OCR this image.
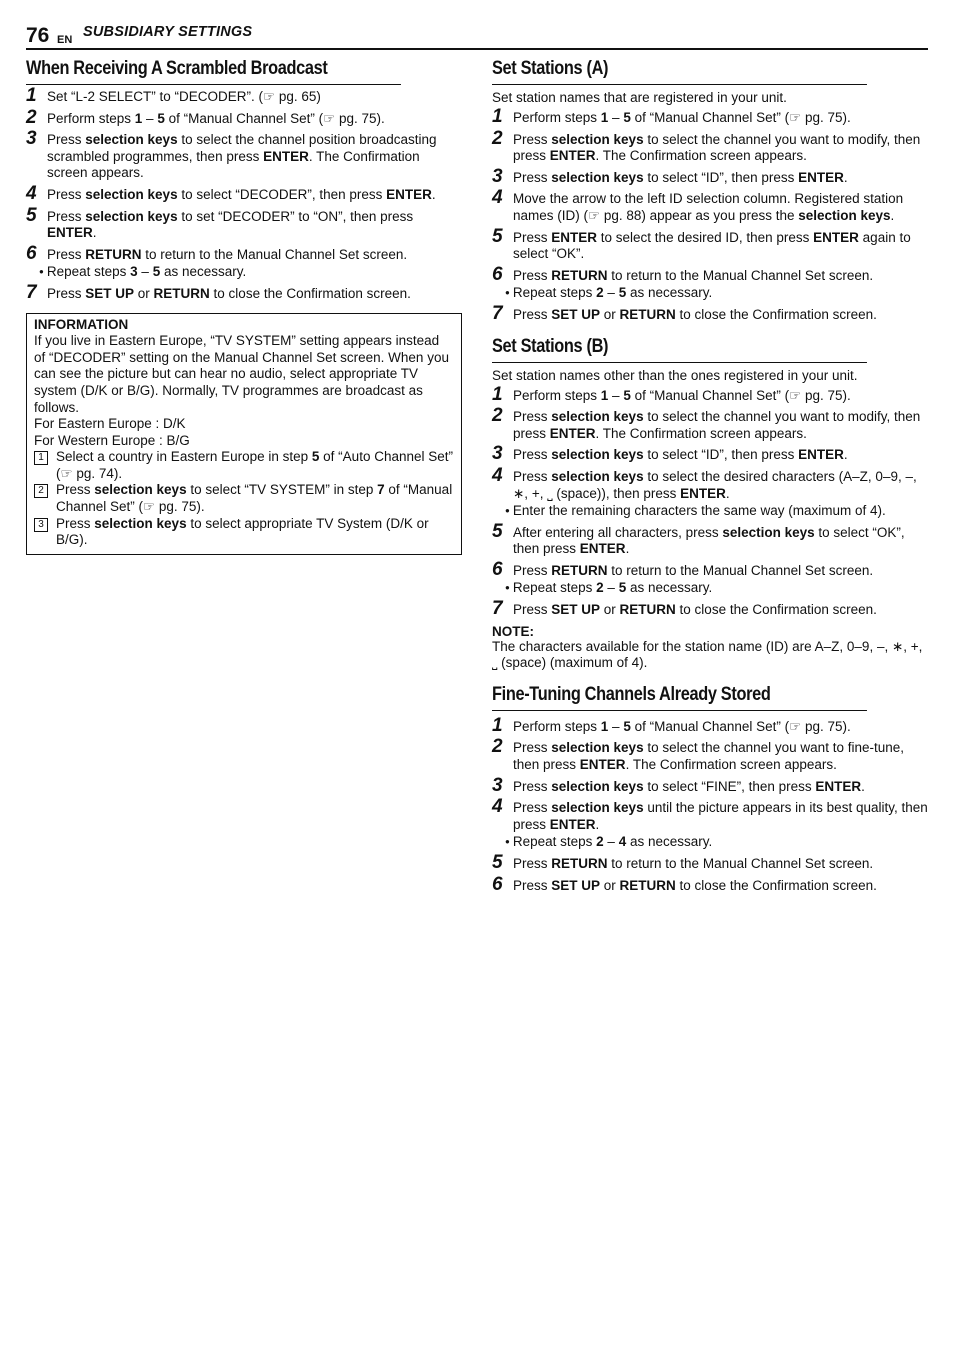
76 EN SUBSIDIARY SETTINGS
When Receiving A Scrambled Broadcast
1 Set “L-2 SELECT” to “DECODER”. (☞ pg. 65)
2 Perform steps 1 – 5 of “Manual Channel Set” (☞ pg. 75).
3 Press selection keys to select the channel position broadcasting scrambled programmes, then press ENTER. The Confirmation screen appears.
4 Press selection keys to select “DECODER”, then press ENTER.
5 Press selection keys to set “DECODER” to “ON”, then press ENTER.
6 Press RETURN to return to the Manual Channel Set screen.
● Repeat steps 3 – 5 as necessary.
7 Press SET UP or RETURN to close the Confirmation screen.
INFORMATION
If you live in Eastern Europe, “TV SYSTEM” setting appears instead of “DECODER” setting on the Manual Channel Set screen. When you can see the picture but can hear no audio, select appropriate TV system (D/K or B/G). Normally, TV programmes are broadcast as follows.
For Eastern Europe : D/K
For Western Europe : B/G
1 Select a country in Eastern Europe in step 5 of “Auto Channel Set” (☞ pg. 74).
2 Press selection keys to select “TV SYSTEM” in step 7 of “Manual Channel Set” (☞ pg. 75).
3 Press selection keys to select appropriate TV System (D/K or B/G).
Set Stations (A)
Set station names that are registered in your unit.
1 Perform steps 1 – 5 of “Manual Channel Set” (☞ pg. 75).
2 Press selection keys to select the channel you want to modify, then press ENTER. The Confirmation screen appears.
3 Press selection keys to select “ID”, then press ENTER.
4 Move the arrow to the left ID selection column. Registered station names (ID) (☞ pg. 88) appear as you press the selection keys.
5 Press ENTER to select the desired ID, then press ENTER again to select “OK”.
6 Press RETURN to return to the Manual Channel Set screen.
● Repeat steps 2 – 5 as necessary.
7 Press SET UP or RETURN to close the Confirmation screen.
Set Stations (B)
Set station names other than the ones registered in your unit.
1 Perform steps 1 – 5 of “Manual Channel Set” (☞ pg. 75).
2 Press selection keys to select the channel you want to modify, then press ENTER. The Confirmation screen appears.
3 Press selection keys to select “ID”, then press ENTER.
4 Press selection keys to select the desired characters (A–Z, 0–9, –, ∗, +, ⎵ (space)), then press ENTER.
● Enter the remaining characters the same way (maximum of 4).
5 After entering all characters, press selection keys to select “OK”, then press ENTER.
6 Press RETURN to return to the Manual Channel Set screen.
● Repeat steps 2 – 5 as necessary.
7 Press SET UP or RETURN to close the Confirmation screen.
NOTE:
The characters available for the station name (ID) are A–Z, 0–9, –, ∗, +, ⎵ (space) (maximum of 4).
Fine-Tuning Channels Already Stored
1 Perform steps 1 – 5 of “Manual Channel Set” (☞ pg. 75).
2 Press selection keys to select the channel you want to fine-tune, then press ENTER. The Confirmation screen appears.
3 Press selection keys to select “FINE”, then press ENTER.
4 Press selection keys until the picture appears in its best quality, then press ENTER.
● Repeat steps 2 – 4 as necessary.
5 Press RETURN to return to the Manual Channel Set screen.
6 Press SET UP or RETURN to close the Confirmation screen.
